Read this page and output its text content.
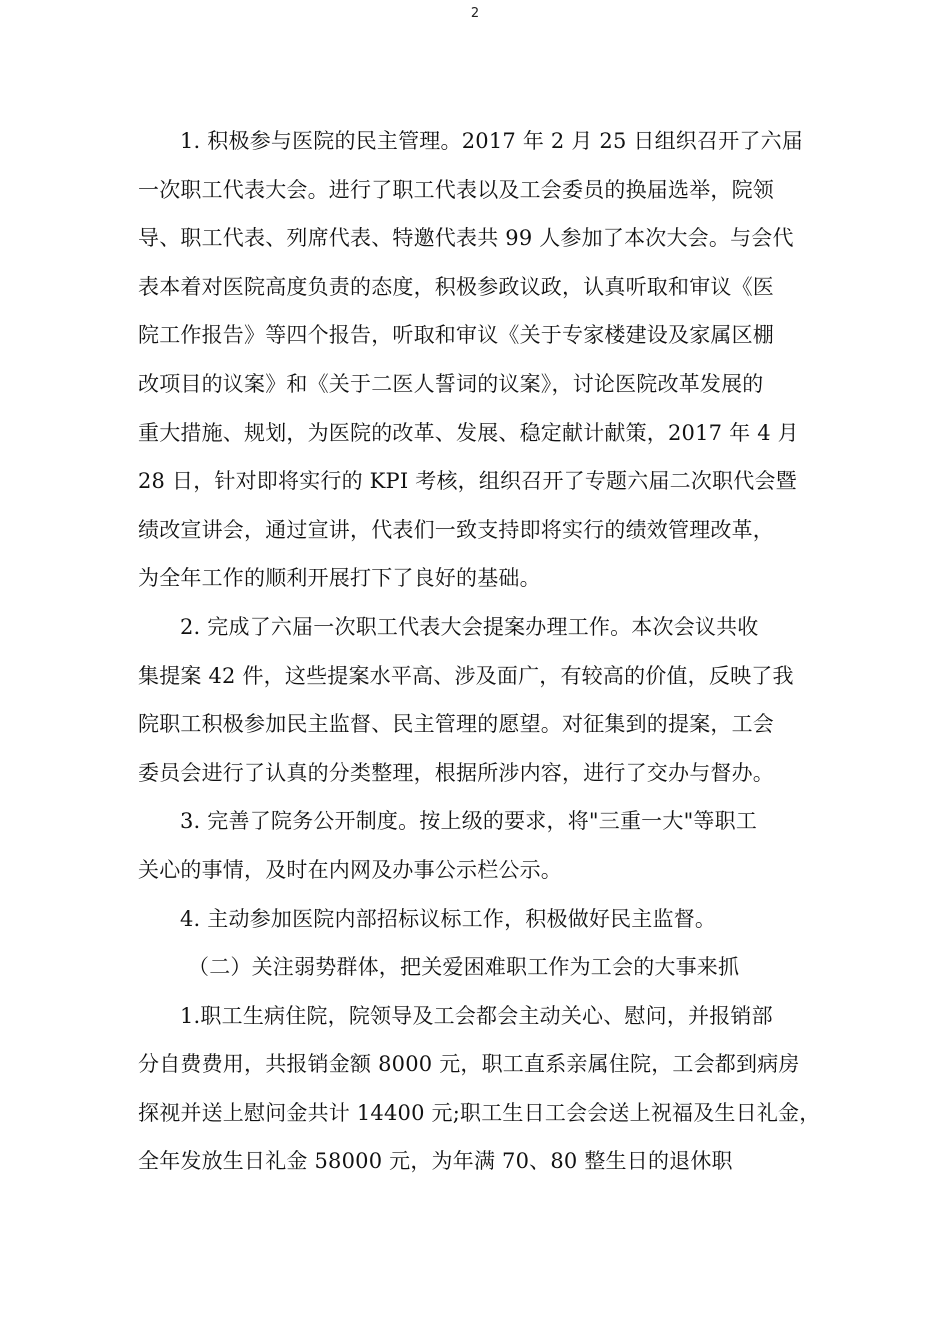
2
1. 积极参与医院的民主管理。2017 年 2 月 25 日组织召开了六届
一次职工代表大会。进行了职工代表以及工会委员的换届选举，院领
导、职工代表、列席代表、特邀代表共 99 人参加了本次大会。与会代
表本着对医院高度负责的态度，积极参政议政，认真听取和审议《医
院工作报告》等四个报告，听取和审议《关于专家楼建设及家属区棚
改项目的议案》和《关于二医人誓词的议案》，讨论医院改革发展的
重大措施、规划，为医院的改革、发展、稳定献计献策，2017 年 4 月
28 日，针对即将实行的 KPI 考核，组织召开了专题六届二次职代会暨
绩改宣讲会，通过宣讲，代表们一致支持即将实行的绩效管理改革，
为全年工作的顺利开展打下了良好的基础。
2. 完成了六届一次职工代表大会提案办理工作。本次会议共收
集提案 42 件，这些提案水平高、涉及面广，有较高的价值，反映了我
院职工积极参加民主监督、民主管理的愿望。对征集到的提案，工会
委员会进行了认真的分类整理，根据所涉内容，进行了交办与督办。
3. 完善了院务公开制度。按上级的要求，将"三重一大"等职工
关心的事情，及时在内网及办事公示栏公示。
4. 主动参加医院内部招标议标工作，积极做好民主监督。
（二）关注弱势群体，把关爱困难职工作为工会的大事来抓
1.职工生病住院，院领导及工会都会主动关心、慰问，并报销部
分自费费用，共报销金额 8000 元，职工直系亲属住院，工会都到病房
探视并送上慰问金共计 14400 元;职工生日工会会送上祝福及生日礼金，
全年发放生日礼金 58000 元，为年满 70、80 整生日的退休职
